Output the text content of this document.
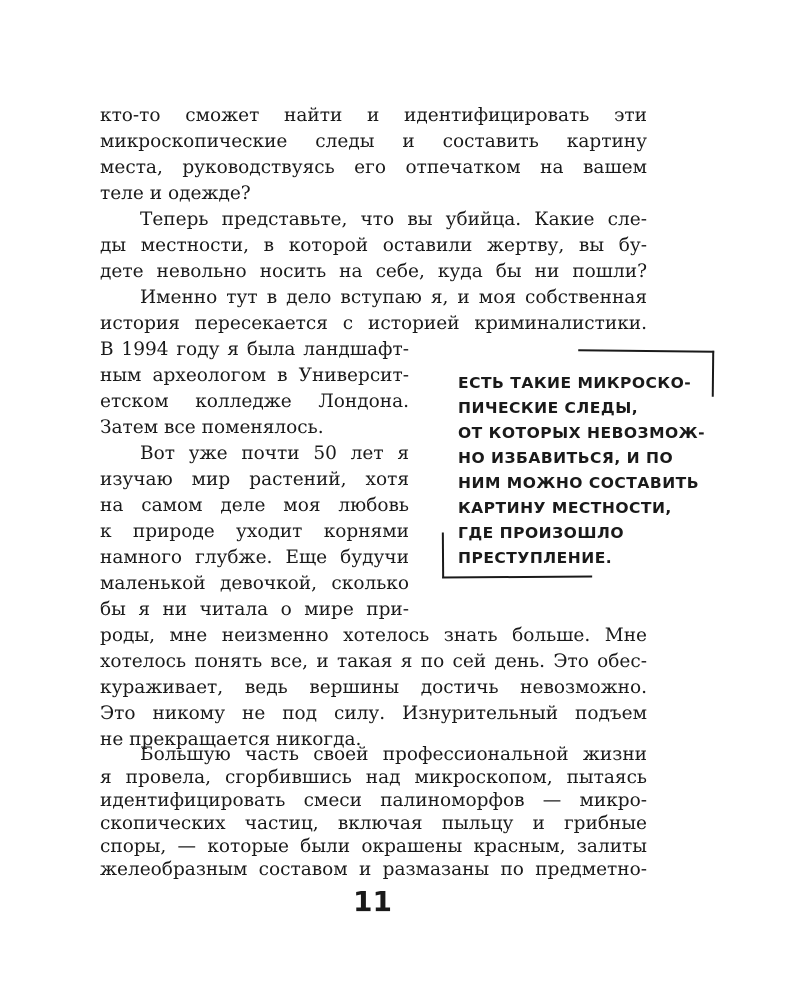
кто-то сможет найти и идентифицировать эти
микроскопические следы и составить картину
места, руководствуясь его отпечатком на вашем
теле и одежде?
Теперь представьте, что вы убийца. Какие сле-
ды местности, в которой оставили жертву, вы бу-
дете невольно носить на себе, куда бы ни пошли?
Именно тут в дело вступаю я, и моя собственная
история пересекается с историей криминалистики.
В 1994 году я была ландшафт-
ным археологом в Университ-
етском колледже Лондона.
Затем все поменялось.
Вот уже почти 50 лет я
изучаю мир растений, хотя
на самом деле моя любовь
к природе уходит корнями
намного глубже. Еще будучи
маленькой девочкой, сколько
бы я ни читала о мире при-
роды, мне неизменно хотелось знать больше. Мне
хотелось понять все, и такая я по сей день. Это обес-
кураживает, ведь вершины достичь невозможно.
Это никому не под силу. Изнурительный подъем
не прекращается никогда.
Большую часть своей профессиональной жизни
я провела, сгорбившись над микроскопом, пытаясь
идентифицировать смеси палиноморфов — микро-
скопических частиц, включая пыльцу и грибные
споры, — которые были окрашены красным, залиты
ЕСТЬ ТАКИЕ МИКРОСКО-
ПИЧЕСКИЕ СЛЕДЫ,
ОТ КОТОРЫХ НЕВОЗМОЖ-
НО ИЗБАВИТЬСЯ, И ПО
НИМ МОЖНО СОСТАВИТЬ
КАРТИНУ МЕСТНОСТИ,
ГДЕ ПРОИЗОШЛО
ПРЕСТУПЛЕНИЕ.
11
желеобразным составом и размазаны по предметно-
